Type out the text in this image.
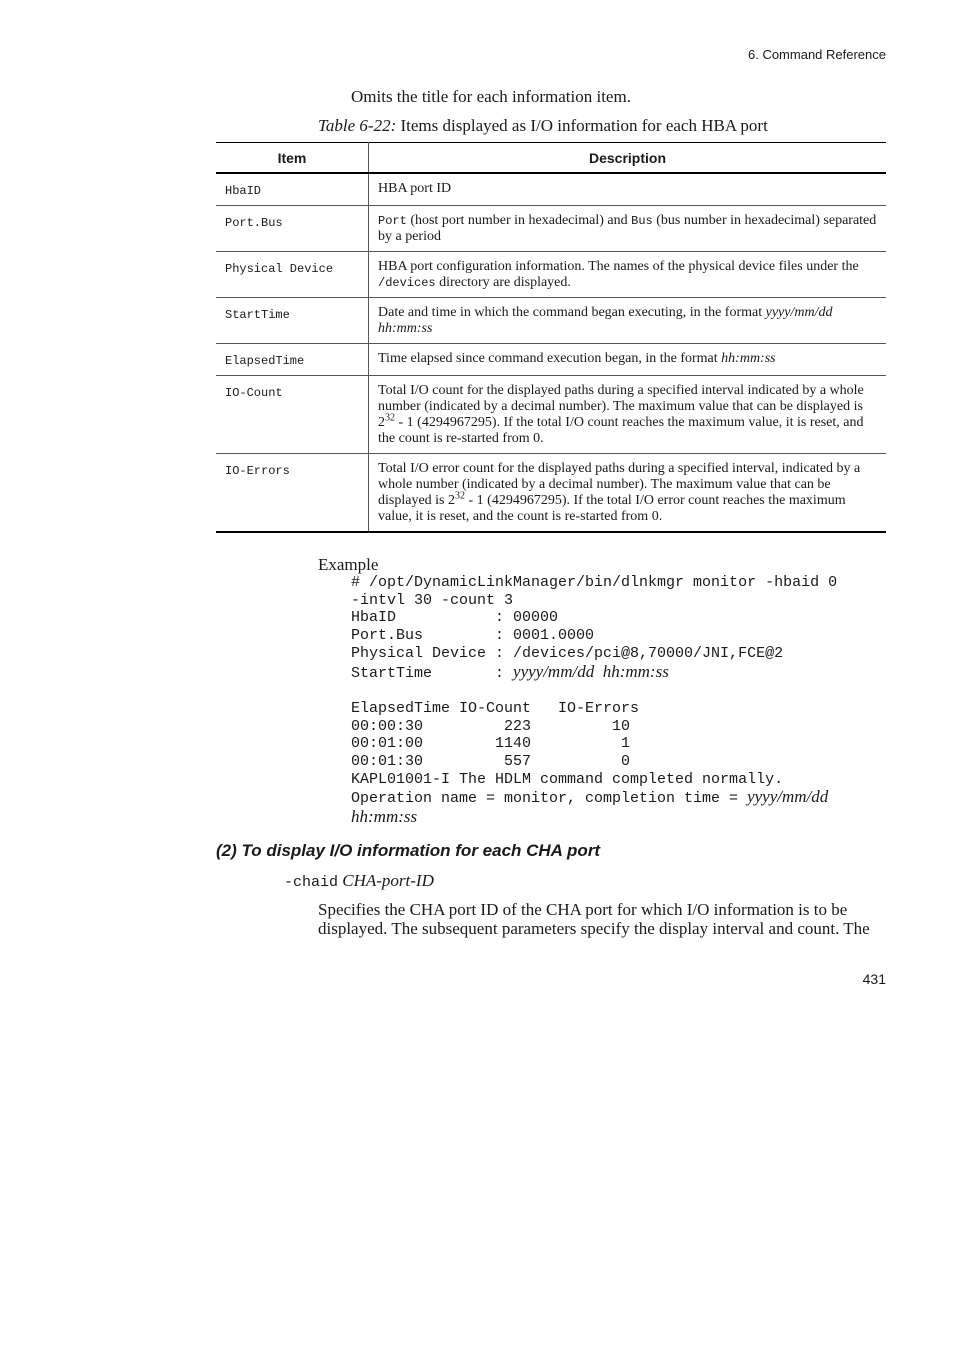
6. Command Reference
Omits the title for each information item.
Table 6-22: Items displayed as I/O information for each HBA port
Item	Description
HbaID	HBA port ID
Port.Bus	Port (host port number in hexadecimal) and Bus (bus number in hexadecimal) separated by a period
Physical Device	HBA port configuration information. The names of the physical device files under the /devices directory are displayed.
StartTime	Date and time in which the command began executing, in the format yyyy/mm/dd hh:mm:ss
ElapsedTime	Time elapsed since command execution began, in the format hh:mm:ss
IO-Count	Total I/O count for the displayed paths during a specified interval indicated by a whole number (indicated by a decimal number). The maximum value that can be displayed is $2^{32} - 1$ (4294967295). If the total I/O count reaches the maximum value, it is reset, and the count is re-started from 0.
IO-Errors	Total I/O error count for the displayed paths during a specified interval, indicated by a whole number (indicated by a decimal number). The maximum value that can be displayed is $2^{32} - 1$ (4294967295). If the total I/O error count reaches the maximum value, it is reset, and the count is re-started from 0.
Example
# /opt/DynamicLinkManager/bin/dlnkmgr monitor -hbaid 0
-intvl 30 -count 3
HbaID           : 00000
Port.Bus        : 0001.0000
Physical Device : /devices/pci@8,70000/JNI,FCE@2
StartTime       : yyyy/mm/dd  hh:mm:ss

ElapsedTime IO-Count   IO-Errors
00:00:30         223         10
00:01:00        1140          1
00:01:30         557          0
KAPL01001-I The HDLM command completed normally.
Operation name = monitor, completion time = yyyy/mm/dd
hh:mm:ss
(2) To display I/O information for each CHA port
-chaid CHA-port-ID
Specifies the CHA port ID of the CHA port for which I/O information is to be displayed. The subsequent parameters specify the display interval and count. The
431
